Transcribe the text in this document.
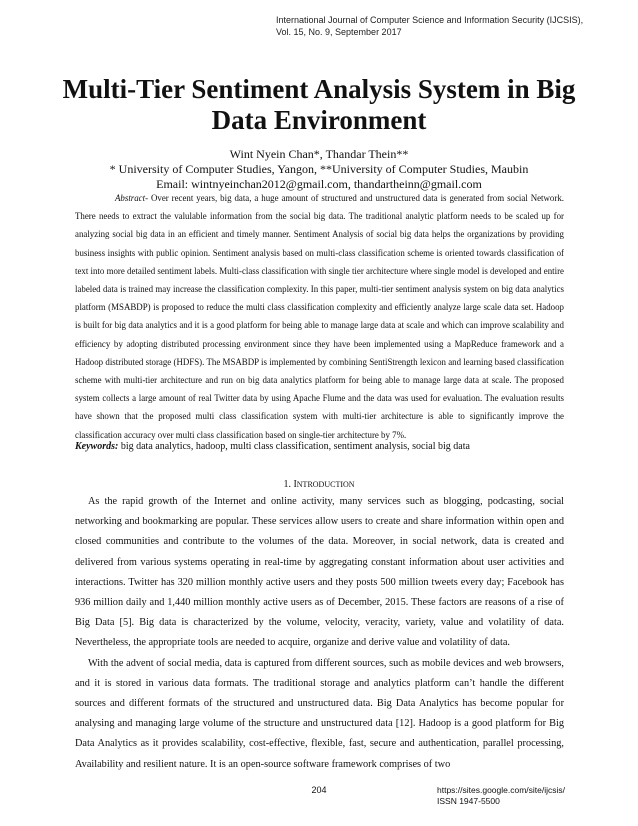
International Journal of Computer Science and Information Security (IJCSIS),
Vol. 15, No. 9, September 2017
Multi-Tier Sentiment Analysis System in Big
Data Environment
Wint Nyein Chan*, Thandar Thein**
* University of Computer Studies, Yangon, **University of Computer Studies, Maubin
Email: wintnyeinchan2012@gmail.com, thandartheinn@gmail.com
Abstract- Over recent years, big data, a huge amount of structured and unstructured data is generated from social Network. There needs to extract the valulable information from the social big data. The traditional analytic platform needs to be scaled up for analyzing social big data in an efficient and timely manner. Sentiment Analysis of social big data helps the organizations by providing business insights with public opinion. Sentiment analysis based on multi-class classification scheme is oriented towards classification of text into more detailed sentiment labels. Multi-class classification with single tier architecture where single model is developed and entire labeled data is trained may increase the classification complexity. In this paper, multi-tier sentiment analysis system on big data analytics platform (MSABDP) is proposed to reduce the multi class classification complexity and efficiently analyze large scale data set. Hadoop is built for big data analytics and it is a good platform for being able to manage large data at scale and which can improve scalability and efficiency by adopting distributed processing environment since they have been implemented using a MapReduce framework and a Hadoop distributed storage (HDFS). The MSABDP is implemented by combining SentiStrength lexicon and learning based classification scheme with multi-tier architecture and run on big data analytics platform for being able to manage large data at scale. The proposed system collects a large amount of real Twitter data by using Apache Flume and the data was used for evaluation. The evaluation results have shown that the proposed multi class classification system with multi-tier architecture is able to significantly improve the classification accuracy over multi class classification based on single-tier architecture by 7%.
Keywords: big data analytics, hadoop, multi class classification, sentiment analysis, social big data
1. INTRODUCTION

As the rapid growth of the Internet and online activity, many services such as blogging, podcasting, social networking and bookmarking are popular. These services allow users to create and share information within open and closed communities and contribute to the volumes of the data. Moreover, in social network, data is created and delivered from various systems operating in real-time by aggregating constant information about user activities and interactions. Twitter has 320 million monthly active users and they posts 500 million tweets every day; Facebook has 936 million daily and 1,440 million monthly active users as of December, 2015. These factors are reasons of a rise of Big Data [5]. Big data is characterized by the volume, velocity, veracity, variety, value and volatility of data. Nevertheless, the appropriate tools are needed to acquire, organize and derive value and volatility of data.

With the advent of social media, data is captured from different sources, such as mobile devices and web browsers, and it is stored in various data formats. The traditional storage and analytics platform can’t handle the different sources and different formats of the structured and unstructured data. Big Data Analytics has become popular for analysing and managing large volume of the structure and unstructured data [12]. Hadoop is a good platform for Big Data Analytics as it provides scalability, cost-effective, flexible, fast, secure and authentication, parallel processing, Availability and resilient nature. It is an open-source software framework comprises of two

204	https://sites.google.com/site/ijcsis/
ISSN 1947-5500
